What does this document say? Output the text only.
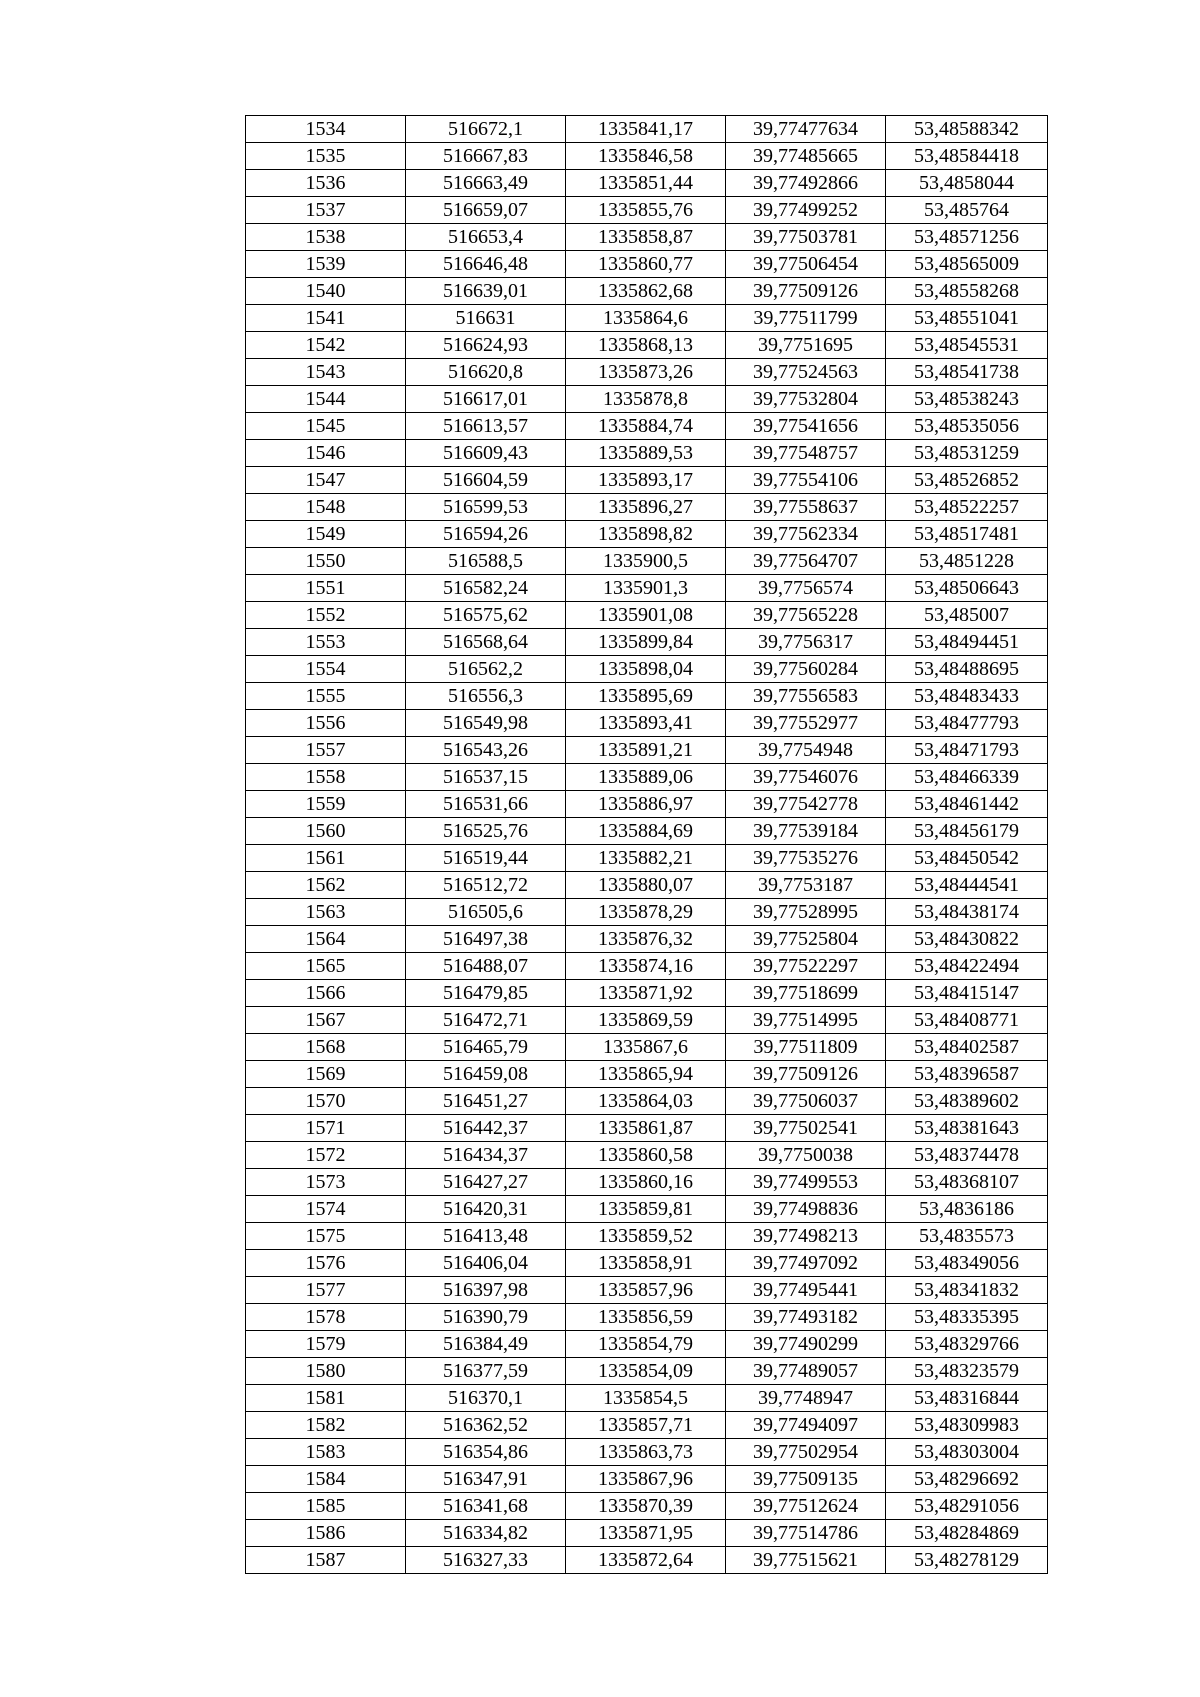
1534	516672,1	1335841,17	39,77477634	53,48588342
1535	516667,83	1335846,58	39,77485665	53,48584418
1536	516663,49	1335851,44	39,77492866	53,4858044
1537	516659,07	1335855,76	39,77499252	53,485764
1538	516653,4	1335858,87	39,77503781	53,48571256
1539	516646,48	1335860,77	39,77506454	53,48565009
1540	516639,01	1335862,68	39,77509126	53,48558268
1541	516631	1335864,6	39,77511799	53,48551041
1542	516624,93	1335868,13	39,7751695	53,48545531
1543	516620,8	1335873,26	39,77524563	53,48541738
1544	516617,01	1335878,8	39,77532804	53,48538243
1545	516613,57	1335884,74	39,77541656	53,48535056
1546	516609,43	1335889,53	39,77548757	53,48531259
1547	516604,59	1335893,17	39,77554106	53,48526852
1548	516599,53	1335896,27	39,77558637	53,48522257
1549	516594,26	1335898,82	39,77562334	53,48517481
1550	516588,5	1335900,5	39,77564707	53,4851228
1551	516582,24	1335901,3	39,7756574	53,48506643
1552	516575,62	1335901,08	39,77565228	53,485007
1553	516568,64	1335899,84	39,7756317	53,48494451
1554	516562,2	1335898,04	39,77560284	53,48488695
1555	516556,3	1335895,69	39,77556583	53,48483433
1556	516549,98	1335893,41	39,77552977	53,48477793
1557	516543,26	1335891,21	39,7754948	53,48471793
1558	516537,15	1335889,06	39,77546076	53,48466339
1559	516531,66	1335886,97	39,77542778	53,48461442
1560	516525,76	1335884,69	39,77539184	53,48456179
1561	516519,44	1335882,21	39,77535276	53,48450542
1562	516512,72	1335880,07	39,7753187	53,48444541
1563	516505,6	1335878,29	39,77528995	53,48438174
1564	516497,38	1335876,32	39,77525804	53,48430822
1565	516488,07	1335874,16	39,77522297	53,48422494
1566	516479,85	1335871,92	39,77518699	53,48415147
1567	516472,71	1335869,59	39,77514995	53,48408771
1568	516465,79	1335867,6	39,77511809	53,48402587
1569	516459,08	1335865,94	39,77509126	53,48396587
1570	516451,27	1335864,03	39,77506037	53,48389602
1571	516442,37	1335861,87	39,77502541	53,48381643
1572	516434,37	1335860,58	39,7750038	53,48374478
1573	516427,27	1335860,16	39,77499553	53,48368107
1574	516420,31	1335859,81	39,77498836	53,4836186
1575	516413,48	1335859,52	39,77498213	53,4835573
1576	516406,04	1335858,91	39,77497092	53,48349056
1577	516397,98	1335857,96	39,77495441	53,48341832
1578	516390,79	1335856,59	39,77493182	53,48335395
1579	516384,49	1335854,79	39,77490299	53,48329766
1580	516377,59	1335854,09	39,77489057	53,48323579
1581	516370,1	1335854,5	39,7748947	53,48316844
1582	516362,52	1335857,71	39,77494097	53,48309983
1583	516354,86	1335863,73	39,77502954	53,48303004
1584	516347,91	1335867,96	39,77509135	53,48296692
1585	516341,68	1335870,39	39,77512624	53,48291056
1586	516334,82	1335871,95	39,77514786	53,48284869
1587	516327,33	1335872,64	39,77515621	53,48278129
